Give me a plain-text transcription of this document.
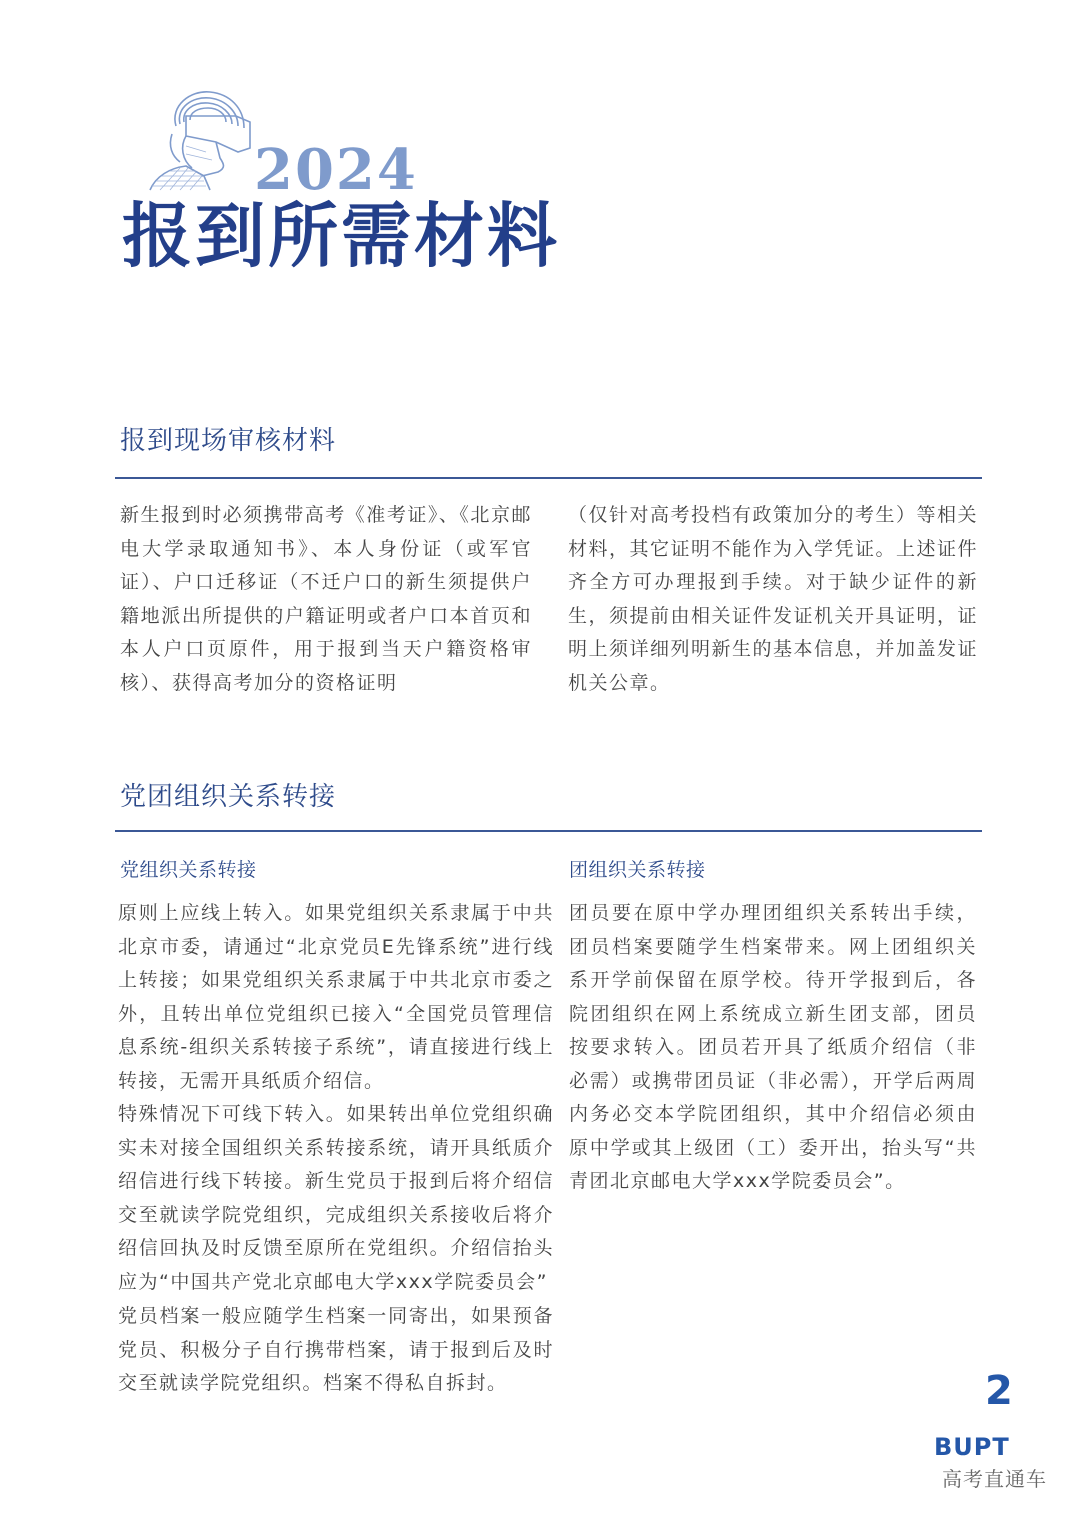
2024
报到所需材料
报到现场审核材料

新生报到时必须携带高考《准考证》、《北京邮电大学录取通知书》、本人身份证（或军官证）、户口迁移证（不迁户口的新生须提供户籍地派出所提供的户籍证明或者户口本首页和本人户口页原件，用于报到当天户籍资格审核）、获得高考加分的资格证明

（仅针对高考投档有政策加分的考生）等相关材料，其它证明不能作为入学凭证。上述证件齐全方可办理报到手续。对于缺少证件的新生，须提前由相关证件发证机关开具证明，证明上须详细列明新生的基本信息，并加盖发证机关公章。

党团组织关系转接
党组织关系转接

原则上应线上转入。如果党组织关系隶属于中共北京市委，请通过“北京党员E先锋系统”进行线上转接；如果党组织关系隶属于中共北京市委之外，且转出单位党组织已接入“全国党员管理信息系统-组织关系转接子系统”，请直接进行线上转接，无需开具纸质介绍信。

特殊情况下可线下转入。如果转出单位党组织确实未对接全国组织关系转接系统，请开具纸质介绍信进行线下转接。新生党员于报到后将介绍信交至就读学院党组织，完成组织关系接收后将介绍信回执及时反馈至原所在党组织。介绍信抬头应为“中国共产党北京邮电大学xxx学院委员会”

党员档案一般应随学生档案一同寄出，如果预备党员、积极分子自行携带档案，请于报到后及时交至就读学院党组织。档案不得私自拆封。

团组织关系转接

团员要在原中学办理团组织关系转出手续，团员档案要随学生档案带来。网上团组织关系开学前保留在原学校。待开学报到后，各院团组织在网上系统成立新生团支部，团员按要求转入。团员若开具了纸质介绍信（非必需）或携带团员证（非必需），开学后两周内务必交本学院团组织，其中介绍信必须由原中学或其上级团（工）委开出，抬头写“共青团北京邮电大学xxx学院委员会”。

2
BUPT
高考直通车
